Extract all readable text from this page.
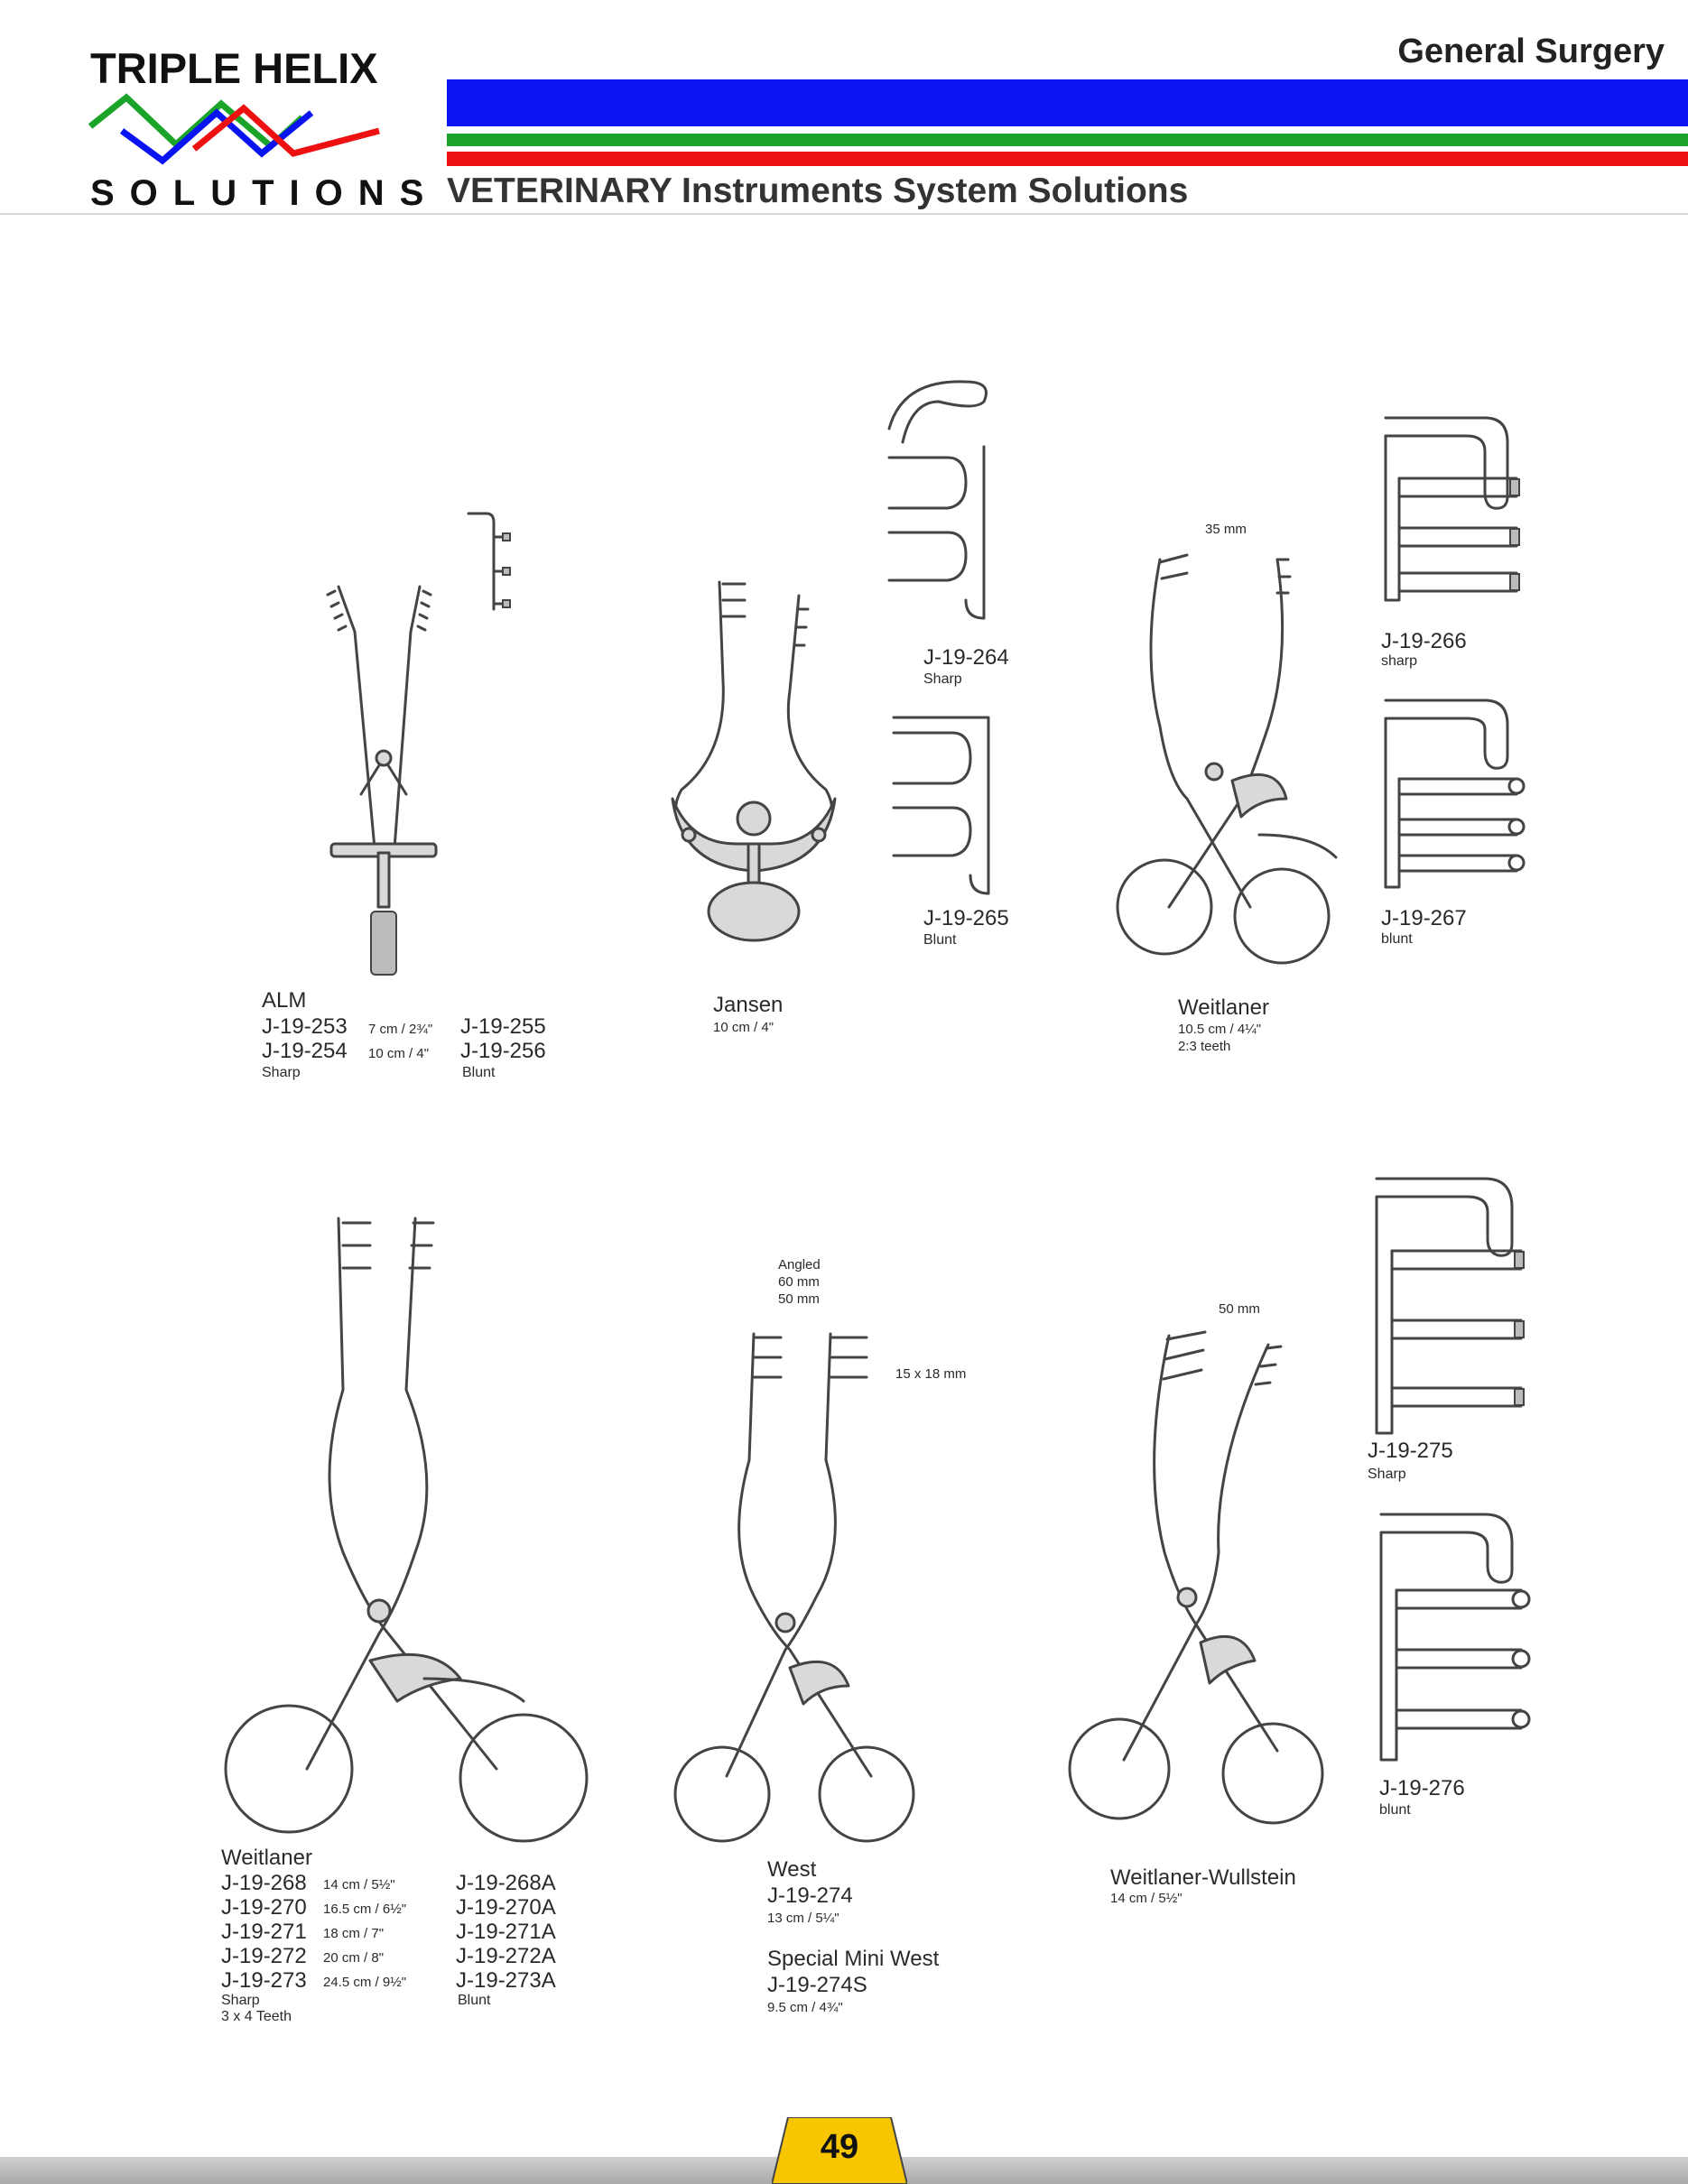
TRIPLE HELIX
SOLUTIONS
General Surgery
VETERINARY Instruments System Solutions
ALM
J-19-253 7 cm / 2¾" J-19-255
J-19-254 10 cm / 4" J-19-256
Sharp	Blunt
J-19-264
Sharp
J-19-265
Blunt
Jansen
10 cm / 4"
35 mm
Weitlaner
10.5 cm / 4¼"
2:3 teeth
J-19-266
sharp
J-19-267
blunt
Weitlaner
J-19-268 14 cm / 5½"	J-19-268A
J-19-270 16.5 cm / 6½" J-19-270A
J-19-271 18 cm / 7"	J-19-271A
J-19-272 20 cm / 8"	J-19-272A
J-19-273 24.5 cm / 9½" J-19-273A
Sharp
3 x 4 Teeth
Blunt
Angled
60 mm
50 mm
15 x 18 mm
West
J-19-274
13 cm / 5¼"
Special Mini West
J-19-274S
9.5 cm / 4¾"
50 mm
Weitlaner-Wullstein
14 cm / 5½"
J-19-275
Sharp
J-19-276
blunt
49
